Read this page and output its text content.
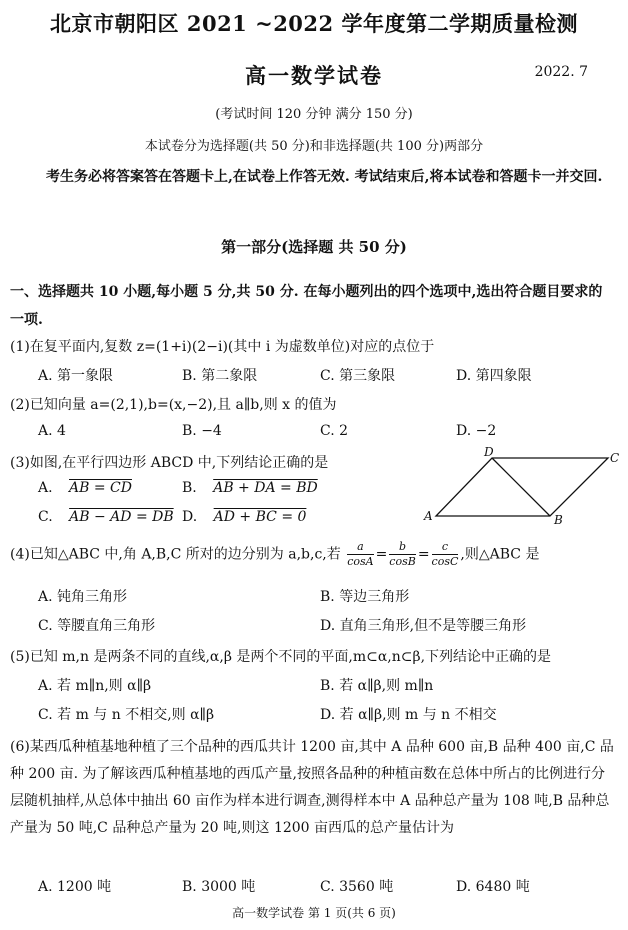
北京市朝阳区 2021 ~2022 学年度第二学期质量检测
高一数学试卷	2022. 7
(考试时间 120 分钟 满分 150 分)
本试卷分为选择题(共 50 分)和非选择题(共 100 分)两部分
考生务必将答案答在答题卡上,在试卷上作答无效. 考试结束后,将本试卷和答题卡一并交回.
第一部分(选择题 共 50 分)
一、选择题共 10 小题,每小题 5 分,共 50 分. 在每小题列出的四个选项中,选出符合题目要求的一项.
(1)在复平面内,复数 z=(1+i)(2−i)(其中 i 为虚数单位)对应的点位于
A. 第一象限	B. 第二象限	C. 第三象限	D. 第四象限
(2)已知向量 a=(2,1),b=(x,−2),且 a∥b,则 x 的值为
A. 4	B. −4	C. 2	D. −2
(3)如图,在平行四边形 ABCD 中,下列结论正确的是
A. AB = CD	B. AB + DA = BD
C. AB − AD = DB D. AD + BC = 0	A	B
C
D
(4)已知△ABC 中,角 A,B,C 所对的边分别为 a,b,c,若 $\frac{a}{\cos A} = \frac{b}{\cos B} = \frac{c}{\cos C}$ ,则△ABC 是
A. 钝角三角形	B. 等边三角形
C. 等腰直角三角形	D. 直角三角形,但不是等腰三角形
(5)已知 m,n 是两条不同的直线,α,β 是两个不同的平面,m⊂α,n⊂β,下列结论中正确的是
A. 若 m∥n,则 α∥β	B. 若 α∥β,则 m∥n
C. 若 m 与 n 不相交,则 α∥β	D. 若 α∥β,则 m 与 n 不相交
(6)某西瓜种植基地种植了三个品种的西瓜共计 1200 亩,其中 A 品种 600 亩,B 品种 400 亩,C 品种 200 亩. 为了解该西瓜种植基地的西瓜产量,按照各品种的种植亩数在总体中所占的比例进行分层随机抽样,从总体中抽出 60 亩作为样本进行调查,测得样本中 A 品种总产量为 108 吨,B 品种总产量为 50 吨,C 品种总产量为 20 吨,则这 1200 亩西瓜的总产量估计为
A. 1200 吨	B. 3000 吨	C. 3560 吨	D. 6480 吨
高一数学试卷 第 1 页(共 6 页)
